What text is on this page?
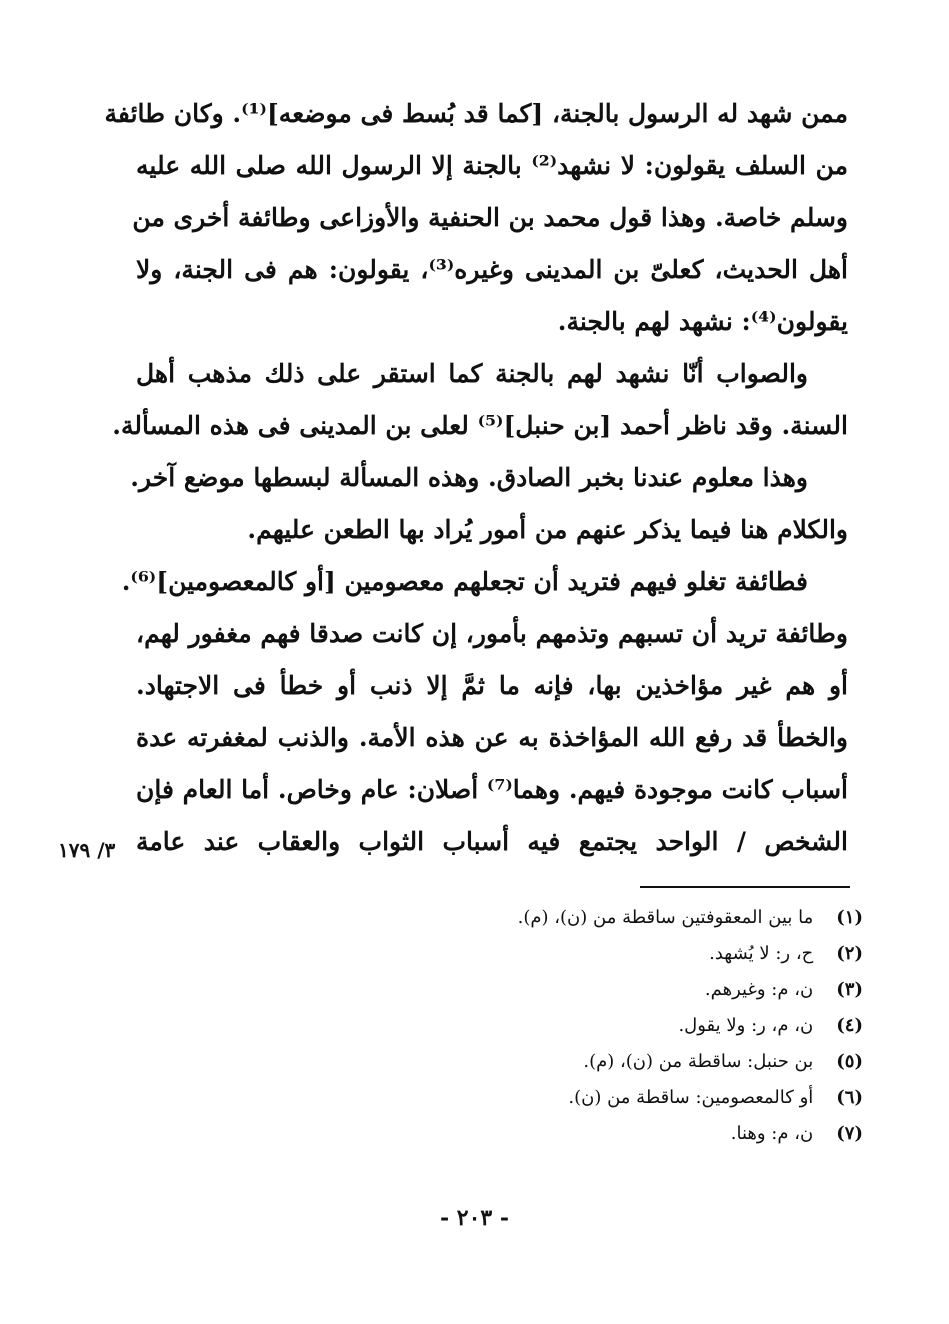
ممن شهد له الرسول بالجنة، [كما قد بُسط فى موضعه]⁽¹⁾. وكان طائفة
من السلف يقولون: لا نشهد⁽²⁾ بالجنة إلا الرسول الله صلى الله عليه
وسلم خاصة. وهذا قول محمد بن الحنفية والأوزاعى وطائفة أخرى من
أهل الحديث، كعلىّ بن المدينى وغيره⁽³⁾، يقولون: هم فى الجنة، ولا
يقولون⁽⁴⁾: نشهد لهم بالجنة.
والصواب أنّا نشهد لهم بالجنة كما استقر على ذلك مذهب أهل
السنة. وقد ناظر أحمد [بن حنبل]⁽⁵⁾ لعلى بن المدينى فى هذه المسألة.
وهذا معلوم عندنا بخبر الصادق. وهذه المسألة لبسطها موضع آخر.
والكلام هنا فيما يذكر عنهم من أمور يُراد بها الطعن عليهم.
فطائفة تغلو فيهم فتريد أن تجعلهم معصومين [أو كالمعصومين]⁽⁶⁾.
وطائفة تريد أن تسبهم وتذمهم بأمور، إن كانت صدقا فهم مغفور لهم،
أو هم غير مؤاخذين بها، فإنه ما ثمَّ إلا ذنب أو خطأ فى الاجتهاد.
والخطأ قد رفع الله المؤاخذة به عن هذه الأمة. والذنب لمغفرته عدة
أسباب كانت موجودة فيهم. وهما⁽⁷⁾ أصلان: عام وخاص. أما العام فإن
الشخص / الواحد يجتمع فيه أسباب الثواب والعقاب عند عامة
٣/ ١٧٩
(١) ما بين المعقوفتين ساقطة من (ن)، (م).
(٢) ح، ر: لا يُشهد.
(٣) ن، م: وغيرهم.
(٤) ن، م، ر: ولا يقول.
(٥) بن حنبل: ساقطة من (ن)، (م).
(٦) أو كالمعصومين: ساقطة من (ن).
(٧) ن، م: وهنا.
- ٢٠٣ -
